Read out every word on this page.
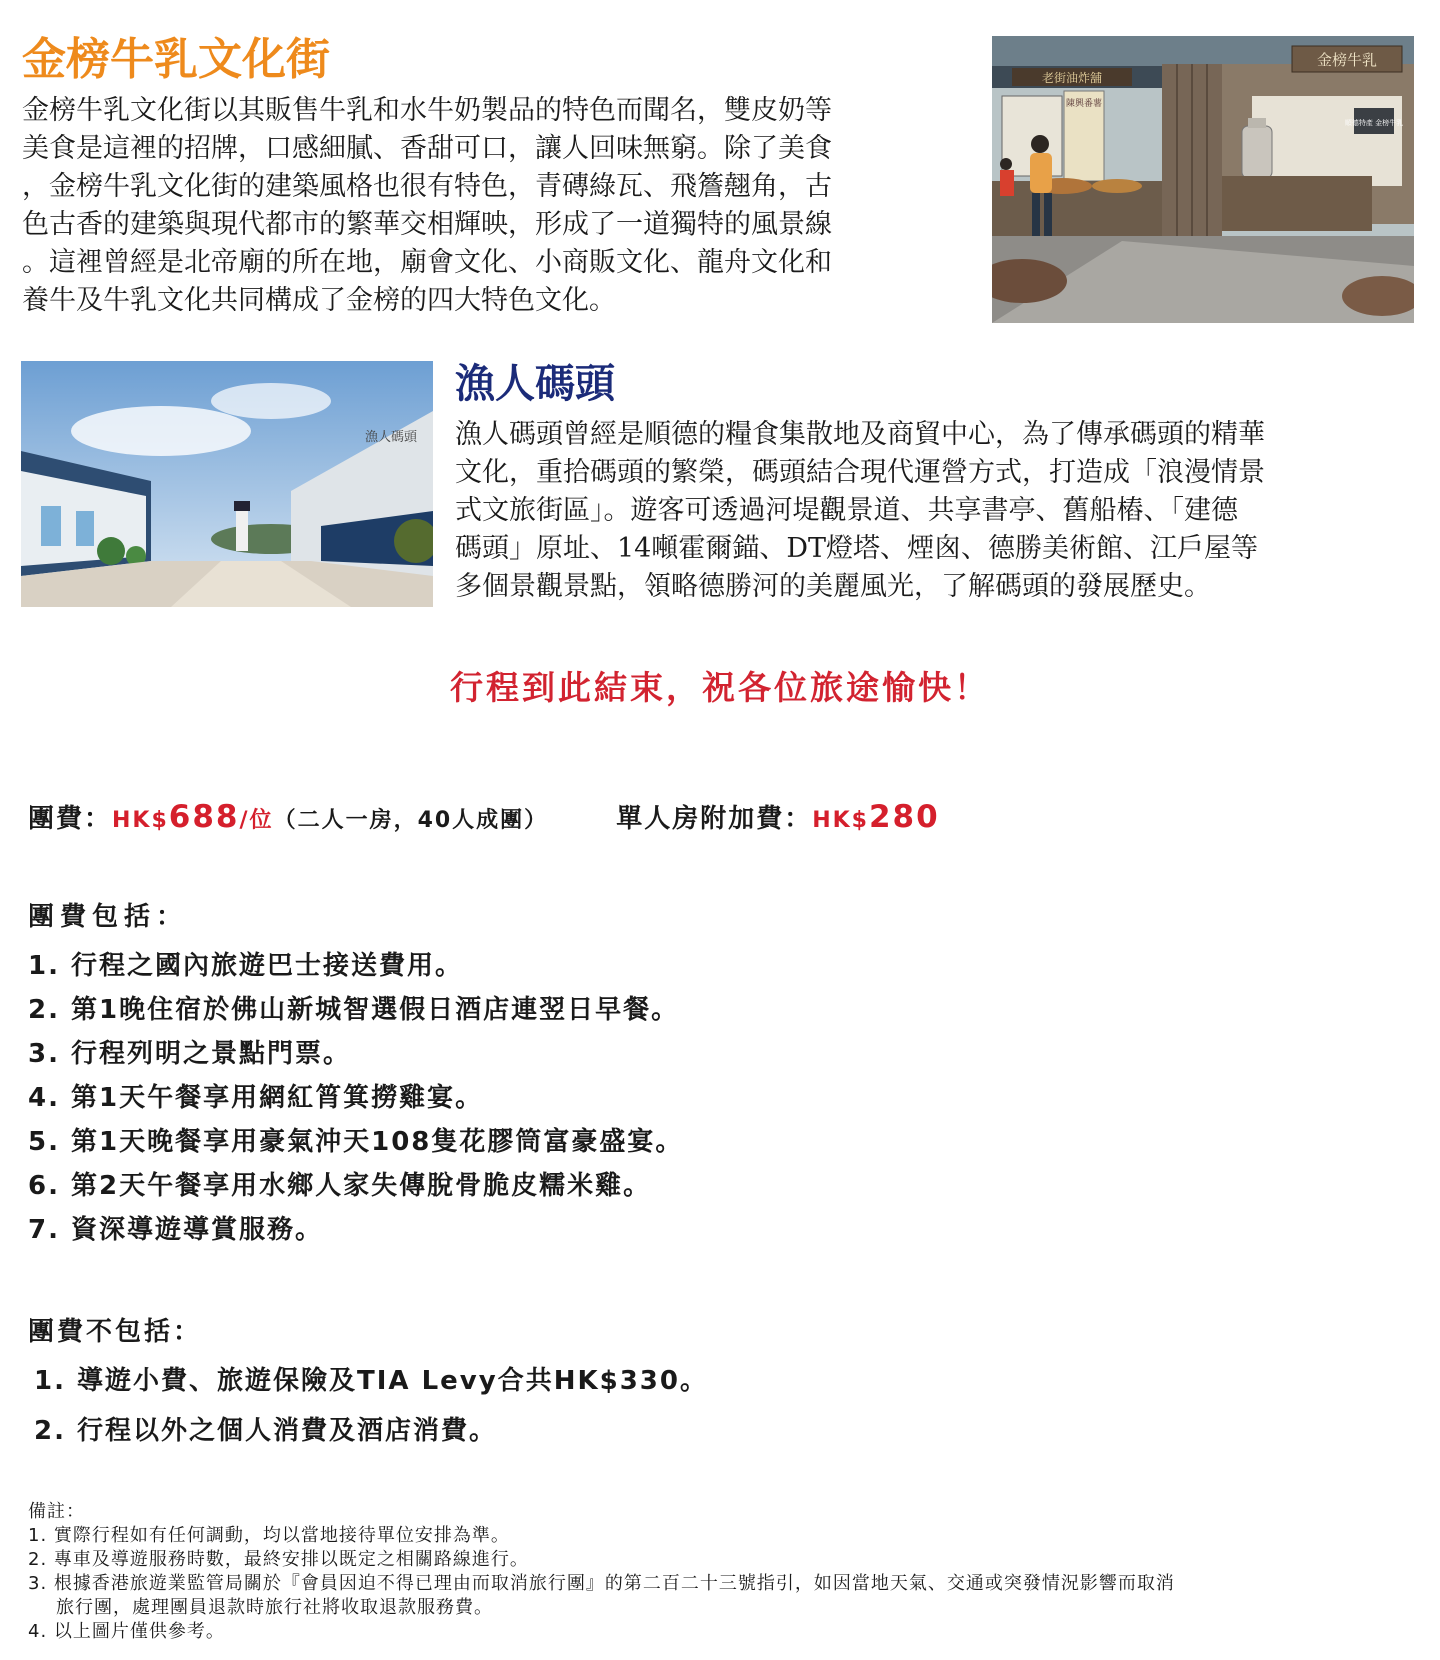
金榜牛乳文化街
金榜牛乳文化街以其販售牛乳和水牛奶製品的特色而聞名，雙皮奶等
美食是這裡的招牌，口感細膩、香甜可口，讓人回味無窮。除了美食
，金榜牛乳文化街的建築風格也很有特色，青磚綠瓦、飛簷翹角，古
色古香的建築與現代都市的繁華交相輝映，形成了一道獨特的風景線
。這裡曾經是北帝廟的所在地，廟會文化、小商販文化、龍舟文化和
養牛及牛乳文化共同構成了金榜的四大特色文化。
老街油炸舖
陳興番薯
金榜牛乳
順德特產 金榜牛乳
漁人碼頭
漁人碼頭
漁人碼頭曾經是順德的糧食集散地及商貿中心，為了傳承碼頭的精華
文化，重拾碼頭的繁榮，碼頭結合現代運營方式，打造成「浪漫情景
式文旅街區」。遊客可透過河堤觀景道、共享書亭、舊船樁、「建德
碼頭」原址、14噸霍爾錨、DT燈塔、煙囪、德勝美術館、江戶屋等
多個景觀景點，領略德勝河的美麗風光，了解碼頭的發展歷史。
行程到此結束，祝各位旅途愉快！
團費：HK$688/位（二人一房，40人成團）	單人房附加費：HK$280
團費包括：
1. 行程之國內旅遊巴士接送費用。
2. 第1晚住宿於佛山新城智選假日酒店連翌日早餐。
3. 行程列明之景點門票。
4. 第1天午餐享用網紅筲箕撈雞宴。
5. 第1天晚餐享用豪氣沖天108隻花膠筒富豪盛宴。
6. 第2天午餐享用水鄉人家失傳脫骨脆皮糯米雞。
7. 資深導遊導賞服務。
團費不包括：
1. 導遊小費、旅遊保險及TIA Levy合共HK$330。
2. 行程以外之個人消費及酒店消費。
備註：
1. 實際行程如有任何調動，均以當地接待單位安排為準。
2. 專車及導遊服務時數，最終安排以既定之相關路線進行。
3. 根據香港旅遊業監管局關於『會員因迫不得已理由而取消旅行團』的第二百二十三號指引，如因當地天氣、交通或突發情況影響而取消
旅行團，處理團員退款時旅行社將收取退款服務費。
4. 以上圖片僅供參考。
